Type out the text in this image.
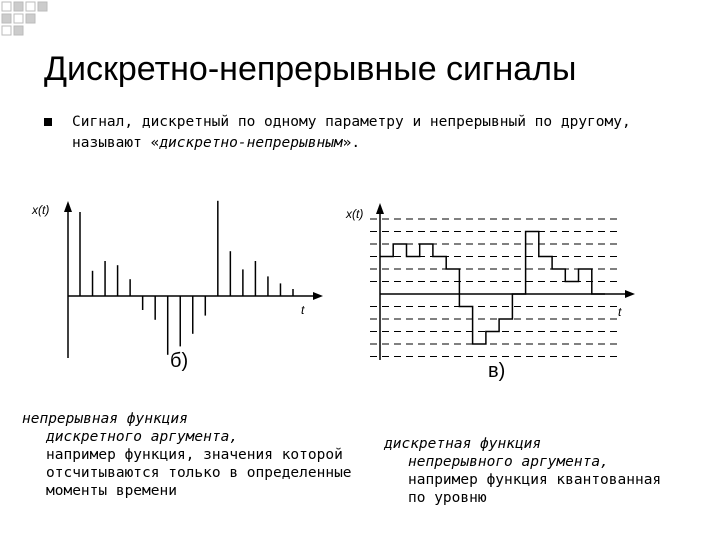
Дискретно-непрерывные сигналы

Сигнал, дискретный по одному параметру и непрерывный по другому, называют «дискретно-непрерывным».

x(t)
t
б)
x(t)
t
в)

непрерывная функция
дискретного аргумента,
например функция, значения которой отсчитываются только в определенные моменты времени

дискретная функция
непрерывного аргумента,
например функция квантованная по уровню
